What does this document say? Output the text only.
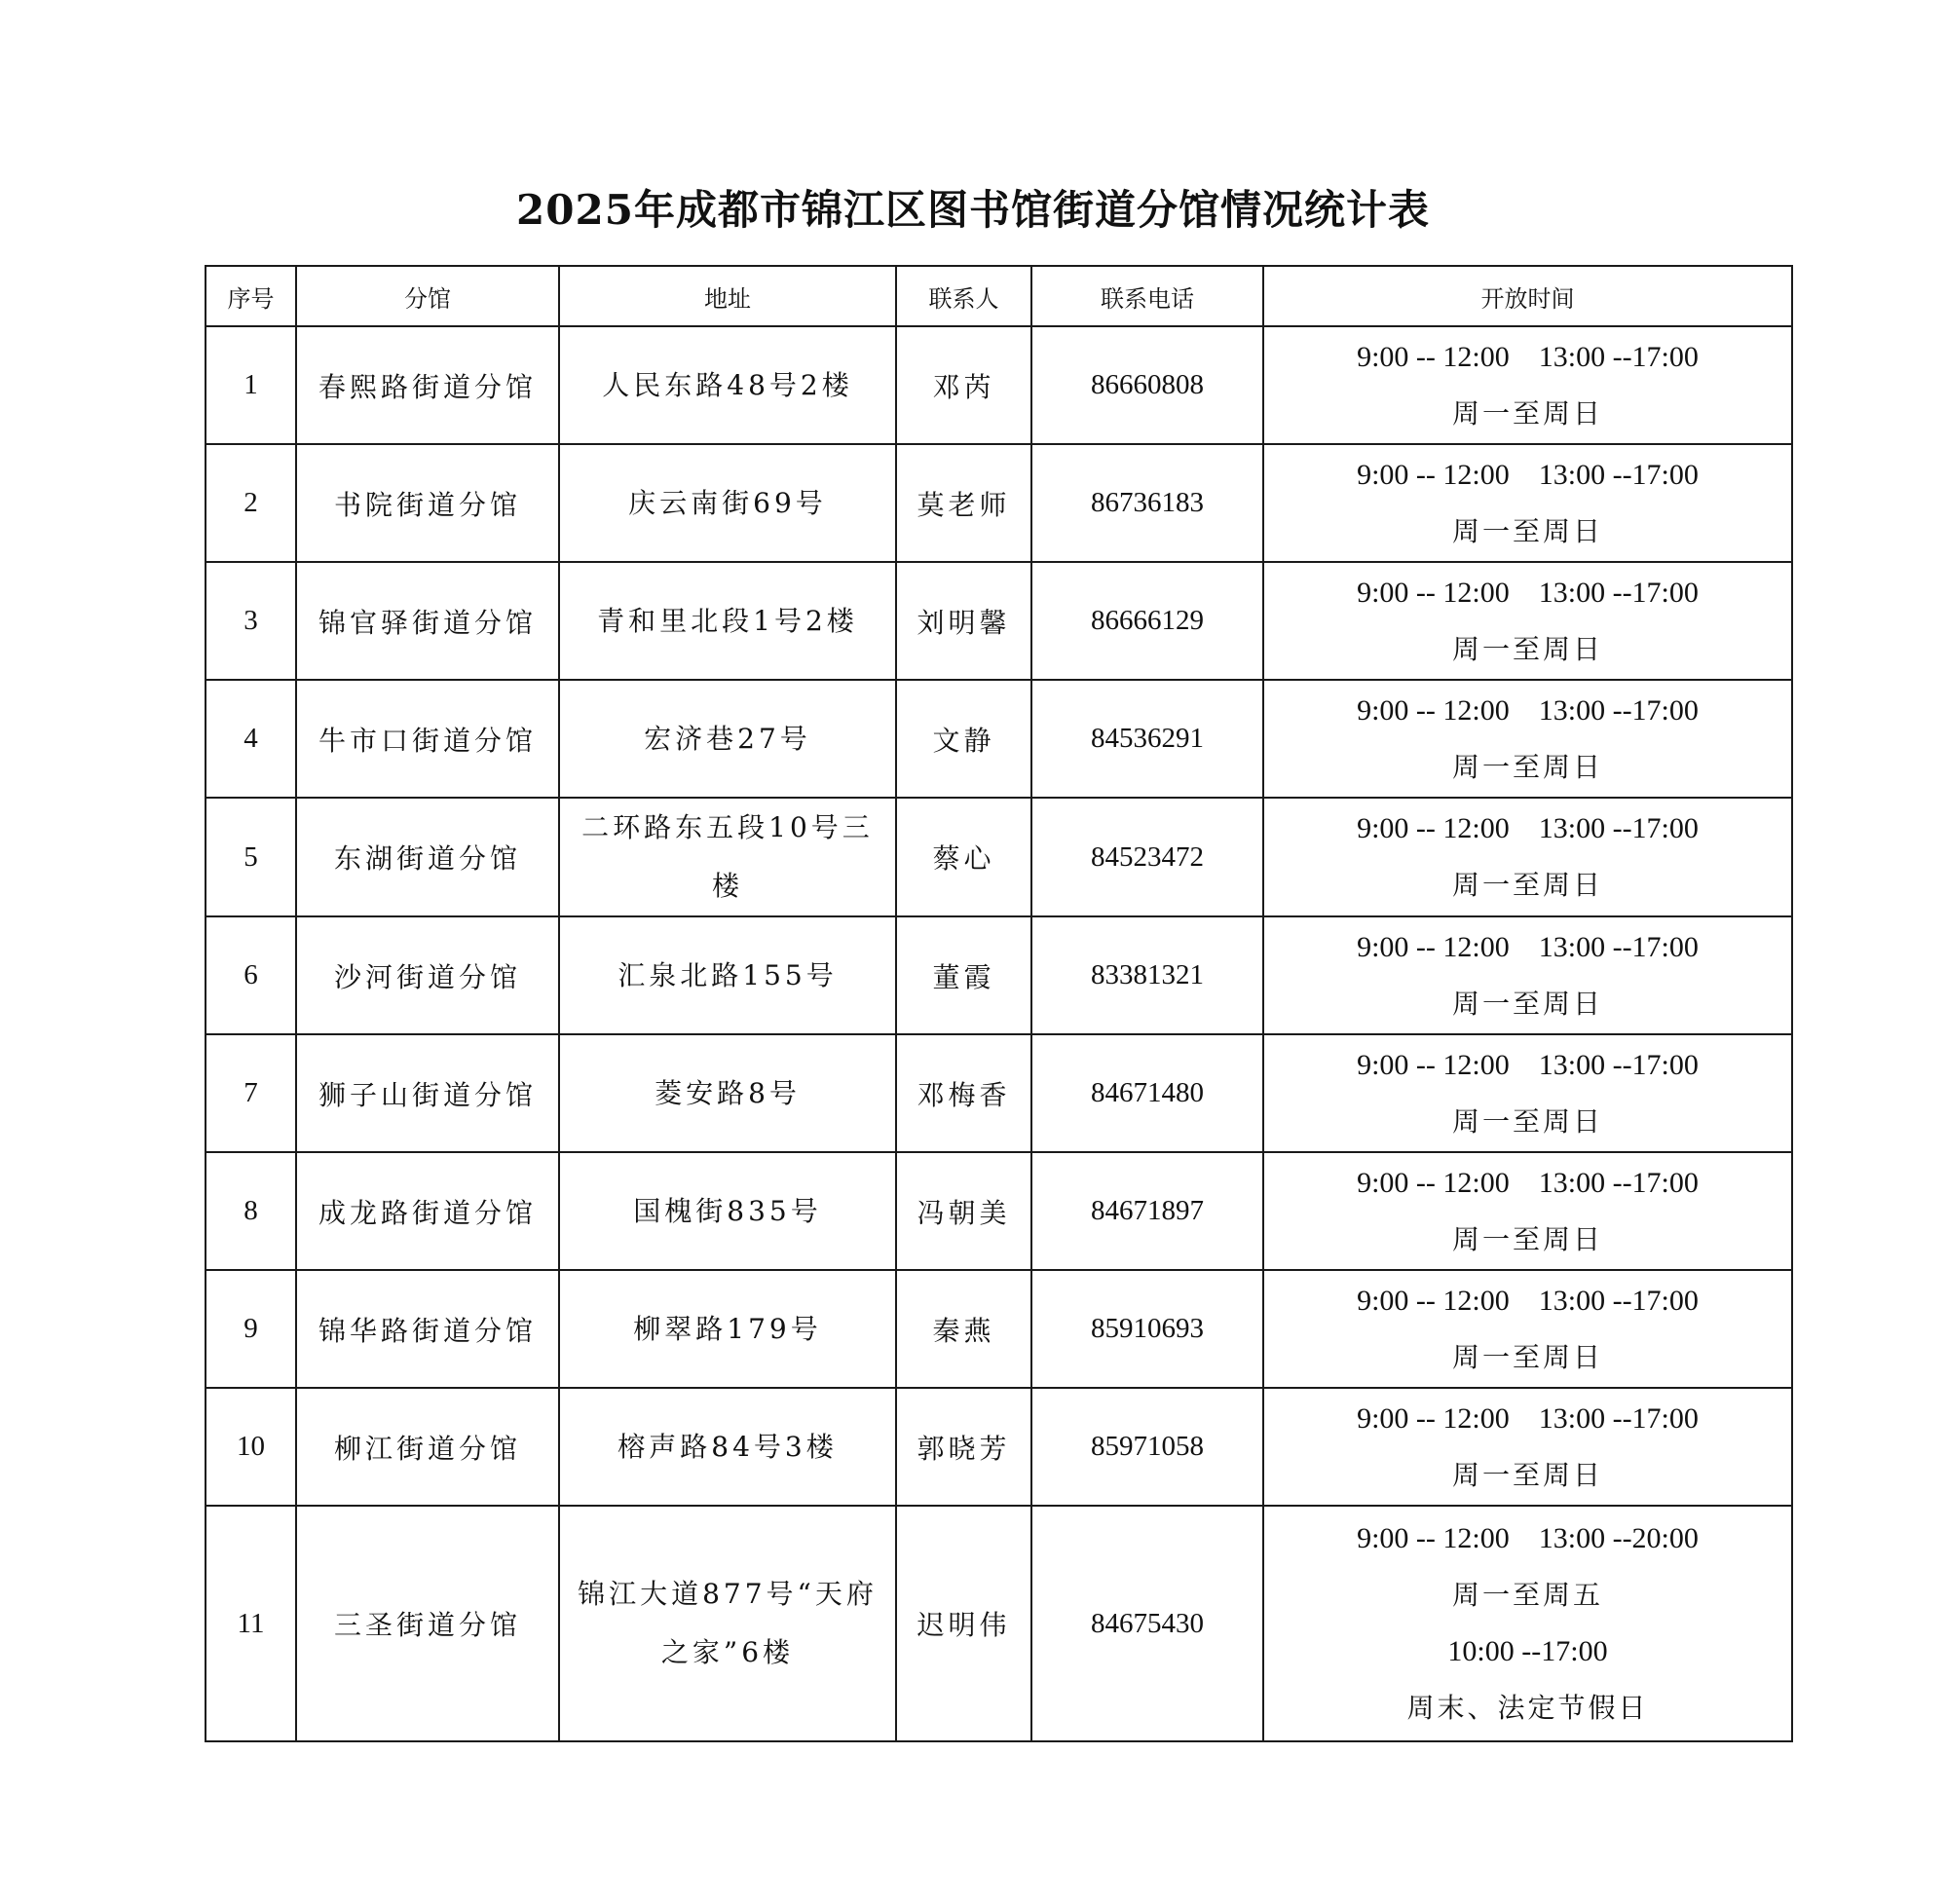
2025年成都市锦江区图书馆街道分馆情况统计表
序号	分馆	地址	联系人	联系电话	开放时间
1	春熙路街道分馆	人民东路48号2楼	邓芮	86660808	9:00 -- 12:00    13:00 --17:00
周一至周日

2	书院街道分馆	庆云南街69号	莫老师	86736183	9:00 -- 12:00    13:00 --17:00
周一至周日

3	锦官驿街道分馆	青和里北段1号2楼	刘明馨	86666129	9:00 -- 12:00    13:00 --17:00
周一至周日

4	牛市口街道分馆	宏济巷27号	文静	84536291	9:00 -- 12:00    13:00 --17:00
周一至周日

5	东湖街道分馆	二环路东五段10号三楼	蔡心	84523472	9:00 -- 12:00    13:00 --17:00
周一至周日

6	沙河街道分馆	汇泉北路155号	董霞	83381321	9:00 -- 12:00    13:00 --17:00
周一至周日

7	狮子山街道分馆	菱安路8号	邓梅香	84671480	9:00 -- 12:00    13:00 --17:00
周一至周日

8	成龙路街道分馆	国槐街835号	冯朝美	84671897	9:00 -- 12:00    13:00 --17:00
周一至周日

9	锦华路街道分馆	柳翠路179号	秦燕	85910693	9:00 -- 12:00    13:00 --17:00
周一至周日

10	柳江街道分馆	榕声路84号3楼	郭晓芳	85971058	9:00 -- 12:00    13:00 --17:00
周一至周日

11	三圣街道分馆	锦江大道877号“天府之家”6楼	迟明伟	84675430	9:00 -- 12:00    13:00 --20:00
周一至周五
10:00 --17:00
周末、法定节假日
